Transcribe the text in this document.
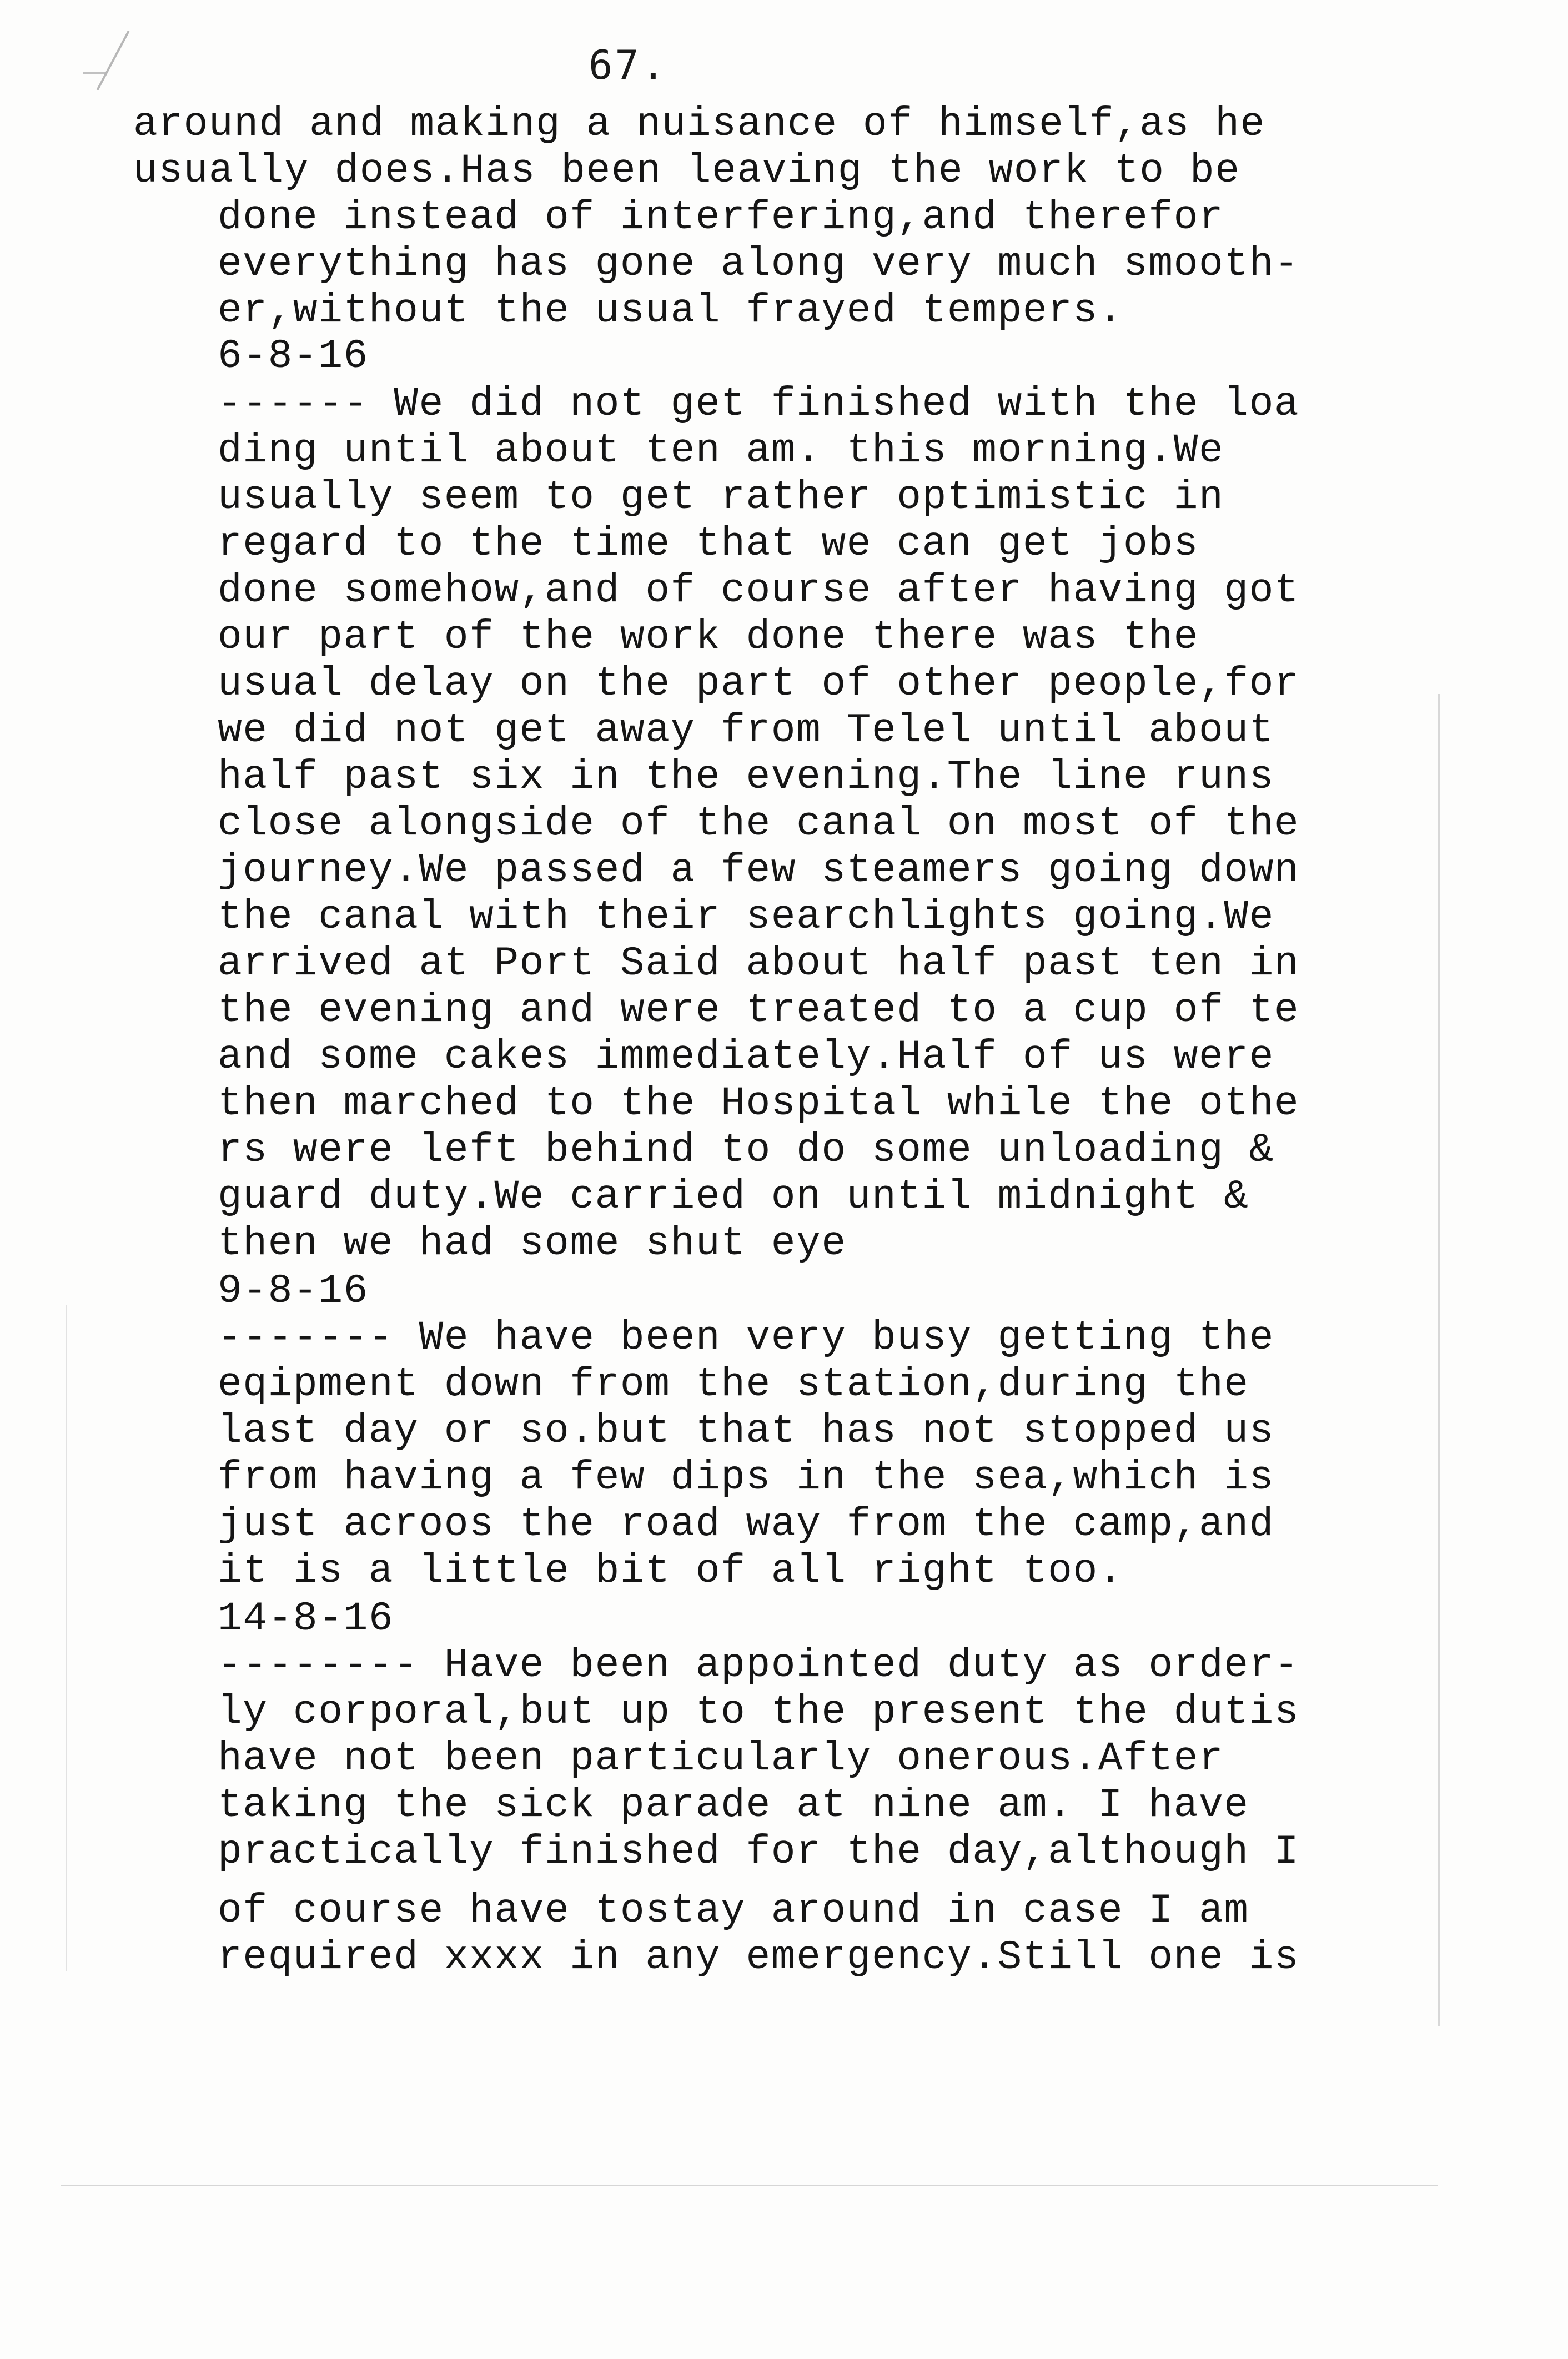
67.
around and making a nuisance of himself,as he
usually does.Has been leaving the work to be
done instead of interfering,and therefor
everything has gone along very much smooth-
er,without the usual frayed tempers.
6-8-16
------ We did not get finished with the loa
ding until about ten am. this morning.We
usually seem to get rather optimistic in
regard to the time that we can get jobs
done somehow,and of course after having got
our part of the work done there was the
usual delay on the part of other people,for
we did not get away from Telel until about
half past six in the evening.The line runs
close alongside of the canal on most of the
journey.We passed a few steamers going down
the canal with their searchlights going.We
arrived at Port Said about half past ten in
the evening and were treated to a cup of te
and some cakes immediately.Half of us were
then marched to the Hospital while the othe
rs were left behind to do some unloading &
guard duty.We carried on until midnight &
then we had some shut eye
9-8-16
------- We have been very busy getting the
eqipment down from the station,during the
last day or so.but that has not stopped us
from having a few dips in the sea,which is
just acroos the road way from the camp,and
it is a little bit of all right too.
14-8-16
-------- Have been appointed duty as order-
ly corporal,but up to the present the dutis
have not been particularly onerous.After
taking the sick parade at nine am. I have
practically finished for the day,although I
of course have tostay around in case I am
required xxxx in any emergency.Still one is
